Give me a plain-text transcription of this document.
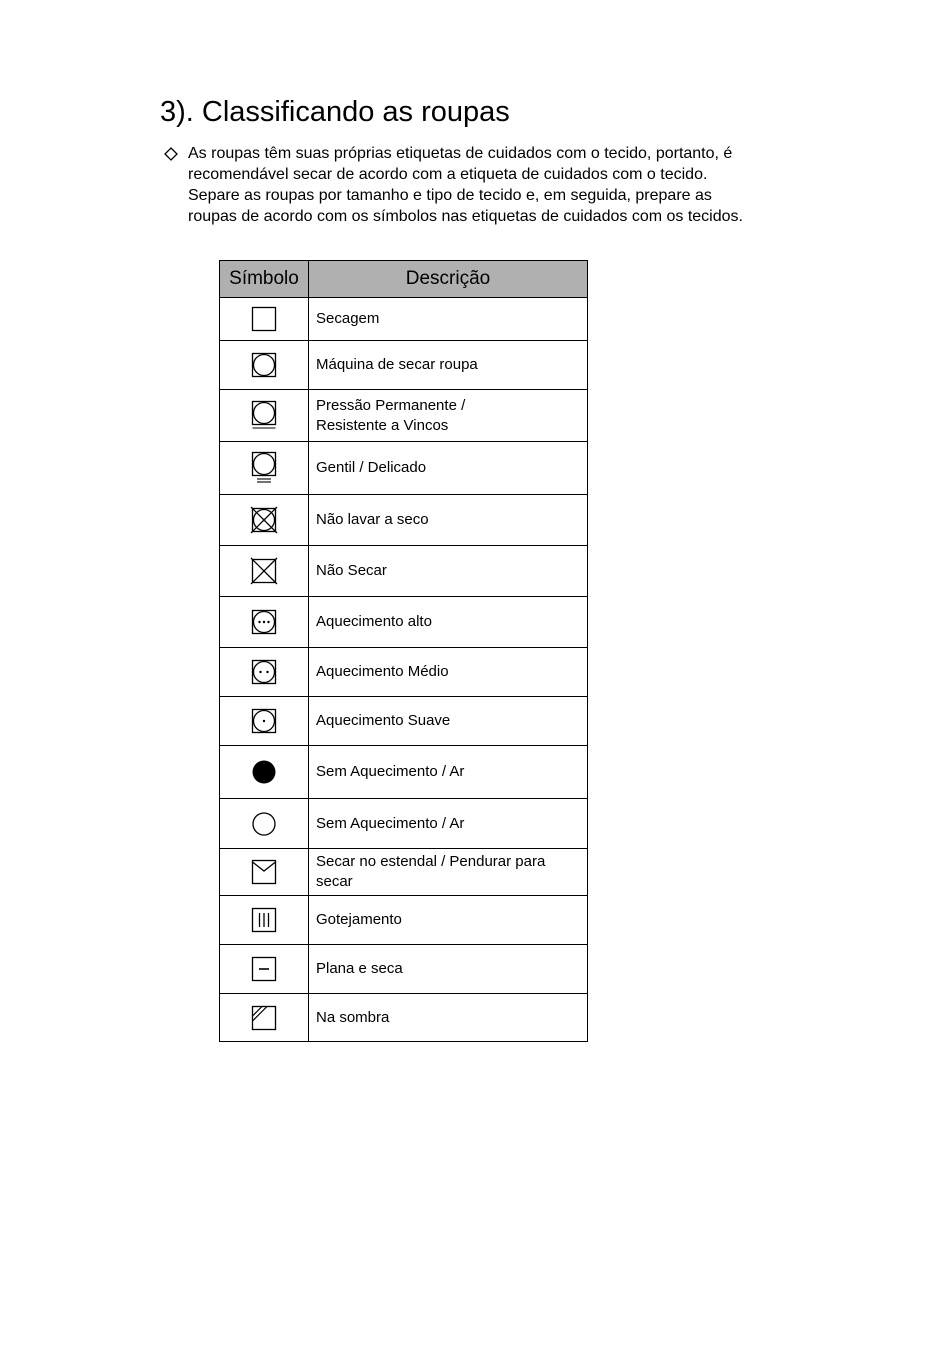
3). Classificando as roupas

As roupas têm suas próprias etiquetas de cuidados com o tecido, portanto, é
recomendável secar de acordo com a etiqueta de cuidados com o tecido.
Separe as roupas por tamanho e tipo de tecido e, em seguida, prepare as
roupas de acordo com os símbolos nas etiquetas de cuidados com os tecidos.

Símbolo	Descrição

	Secagem

	Máquina de secar roupa

Pressão Permanente /
Resistente a Vincos

	Gentil / Delicado

	Não lavar a seco

	Não Secar

	Aquecimento alto

	Aquecimento Médio

	Aquecimento Suave

	Sem Aquecimento / Ar

	Sem Aquecimento / Ar

Secar no estendal / Pendurar para
secar

	Gotejamento

	Plana e seca

	Na sombra
